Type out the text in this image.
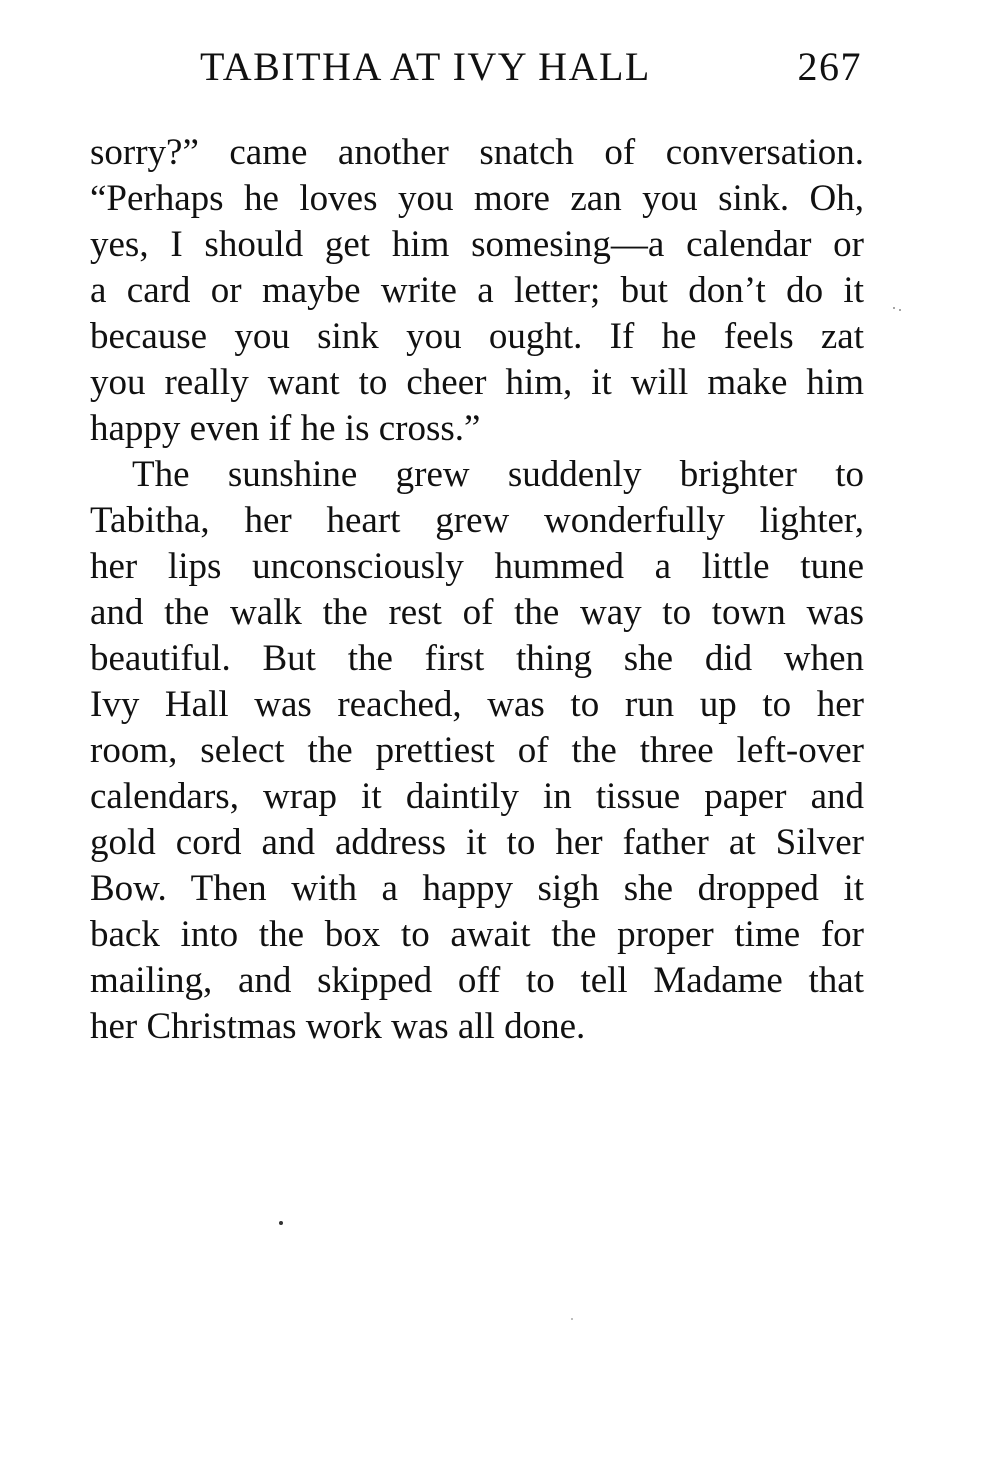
TABITHA AT IVY HALL	267
sorry?” came another snatch of conversation.
“Perhaps he loves you more zan you sink. Oh,
yes, I should get him somesing—a calendar or
a card or maybe write a letter; but don’t do it
because you sink you ought. If he feels zat
you really want to cheer him, it will make him
happy even if he is cross.”
The sunshine grew suddenly brighter to
Tabitha, her heart grew wonderfully lighter,
her lips unconsciously hummed a little tune
and the walk the rest of the way to town was
beautiful. But the first thing she did when
Ivy Hall was reached, was to run up to her
room, select the prettiest of the three left-over
calendars, wrap it daintily in tissue paper and
gold cord and address it to her father at Silver
Bow. Then with a happy sigh she dropped it
back into the box to await the proper time for
mailing, and skipped off to tell Madame that
her Christmas work was all done.
